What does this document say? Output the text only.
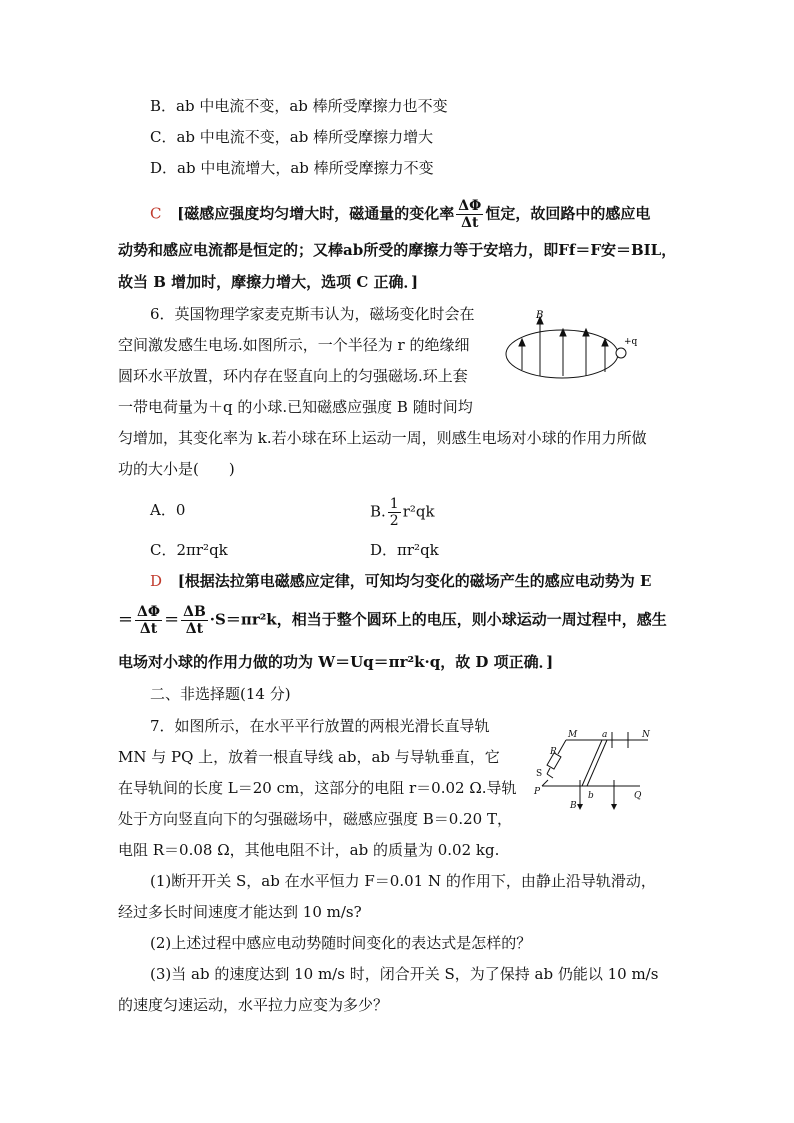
B．ab 中电流不变，ab 棒所受摩擦力也不变
C．ab 中电流不变，ab 棒所受摩擦力增大
D．ab 中电流增大，ab 棒所受摩擦力不变
C [磁感应强度均匀增大时，磁通量的变化率 $\frac{\Delta\Phi}{\Delta t}$ 恒定，故回路中的感应电
动势和感应电流都是恒定的；又棒ab所受的摩擦力等于安培力，即Ff＝F安＝BIL，
故当 B 增加时，摩擦力增大，选项 C 正确．]
6．英国物理学家麦克斯韦认为，磁场变化时会在
空间激发感生电场.如图所示，一个半径为 r 的绝缘细
圆环水平放置，环内存在竖直向上的匀强磁场.环上套
一带电荷量为＋q 的小球.已知磁感应强度 B 随时间均
匀增加，其变化率为 k.若小球在环上运动一周，则感生电场对小球的作用力所做
功的大小是(　　)
B
+q
A．0	B. $\frac{1}{2} r^2qk$
C．2πr²qk	D．πr²qk
D [根据法拉第电磁感应定律，可知均匀变化的磁场产生的感应电动势为 E
＝ $\frac{\Delta\Phi}{\Delta t} = \frac{\Delta B}{\Delta t} \cdot S=\pi r^2k$，相当于整个圆环上的电压，则小球运动一周过程中，感生
电场对小球的作用力做的功为 W＝Uq＝πr²k·q，故 D 项正确．]
二、非选择题(14 分)
7．如图所示，在水平平行放置的两根光滑长直导轨
MN 与 PQ 上，放着一根直导线 ab，ab 与导轨垂直，它
在导轨间的长度 L＝20 cm，这部分的电阻 r＝0.02 Ω.导轨
处于方向竖直向下的匀强磁场中，磁感应强度 B＝0.20 T，
电阻 R＝0.08 Ω，其他电阻不计，ab 的质量为 0.02 kg.
M	a	N
R
S
P	b	Q
B
(1)断开开关 S，ab 在水平恒力 F＝0.01 N 的作用下，由静止沿导轨滑动，
经过多长时间速度才能达到 10 m/s?
(2)上述过程中感应电动势随时间变化的表达式是怎样的？
(3)当 ab 的速度达到 10 m/s 时，闭合开关 S，为了保持 ab 仍能以 10 m/s
的速度匀速运动，水平拉力应变为多少？
